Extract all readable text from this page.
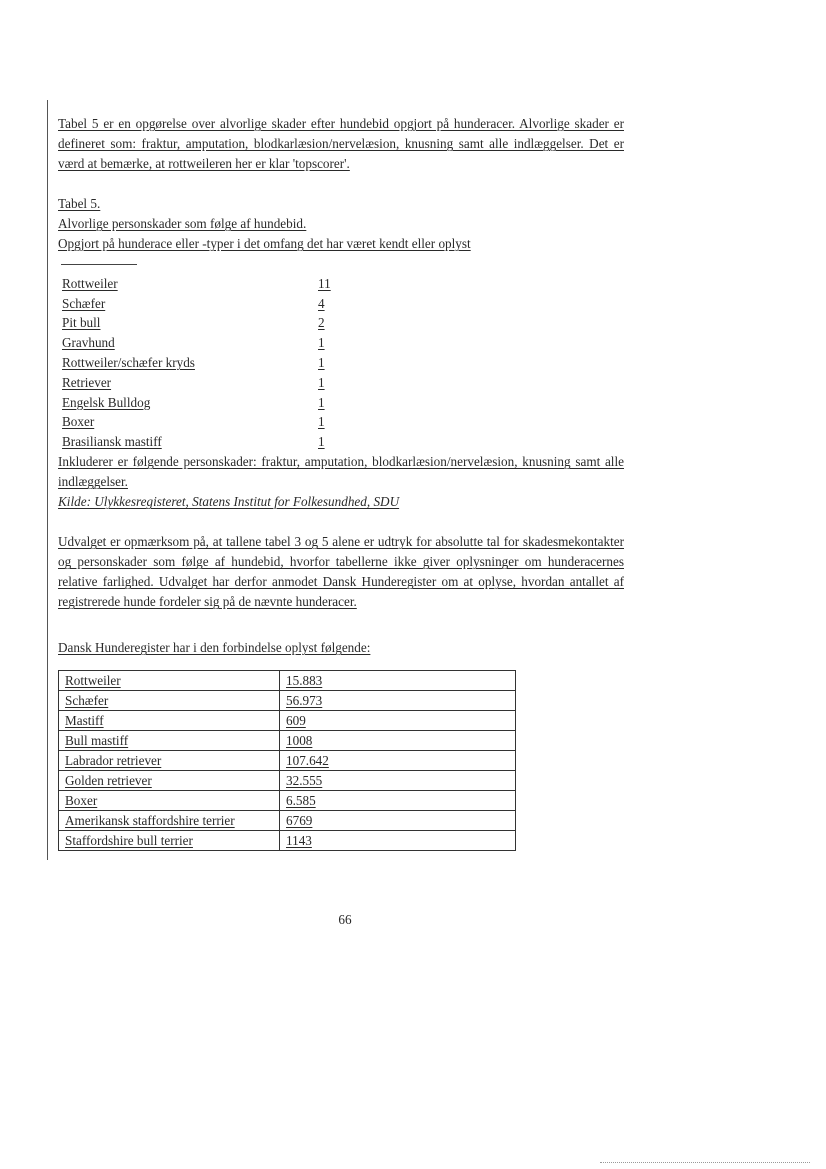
Tabel 5 er en opgørelse over alvorlige skader efter hundebid opgjort på hunderacer. Alvorlige skader er defineret som: fraktur, amputation, blodkarlæsion/nervelæsion, knusning samt alle indlæggelser. Det er værd at bemærke, at rottweileren her er klar 'topscorer'.

Tabel 5.
Alvorlige personskader som følge af hundebid.
Opgjort på hunderace eller -typer i det omfang det har været kendt eller oplyst
Rottweiler	11
Schæfer	4
Pit bull	2
Gravhund	1
Rottweiler/schæfer kryds	1
Retriever	1
Engelsk Bulldog	1
Boxer	1
Brasiliansk mastiff	1

Inkluderer er følgende personskader: fraktur, amputation, blodkarlæsion/nervelæsion, knusning samt alle indlæggelser.

Kilde: Ulykkesregisteret, Statens Institut for Folkesundhed, SDU

Udvalget er opmærksom på, at tallene tabel 3 og 5 alene er udtryk for absolutte tal for skadesmekontakter og personskader som følge af hundebid, hvorfor tabellerne ikke giver oplysninger om hunderacernes relative farlighed. Udvalget har derfor anmodet Dansk Hunderegister om at oplyse, hvordan antallet af registrerede hunde fordeler sig på de nævnte hunderacer.

Dansk Hunderegister har i den forbindelse oplyst følgende:
Rottweiler	15.883
Schæfer	56.973
Mastiff	609
Bull mastiff	1008
Labrador retriever	107.642
Golden retriever	32.555
Boxer	6.585
Amerikansk staffordshire terrier	6769
Staffordshire bull terrier	1143
66
